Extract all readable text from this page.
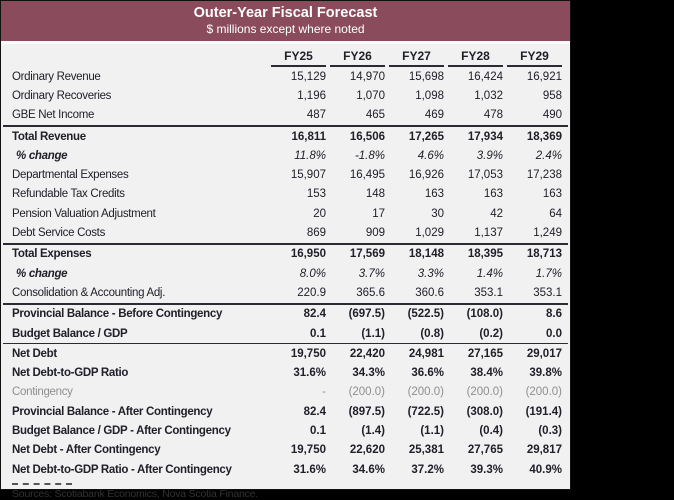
Outer-Year Fiscal Forecast
$ millions except where noted
FY25	FY26	FY27	FY28	FY29
Ordinary Revenue	15,129	14,970	15,698	16,424	16,921
Ordinary Recoveries	1,196	1,070	1,098	1,032	958
GBE Net Income	487	465	469	478	490
Total Revenue	16,811	16,506	17,265	17,934	18,369
% change	11.8%	-1.8%	4.6%	3.9%	2.4%
Departmental Expenses	15,907	16,495	16,926	17,053	17,238
Refundable Tax Credits	153	148	163	163	163
Pension Valuation Adjustment	20	17	30	42	64
Debt Service Costs	869	909	1,029	1,137	1,249
Total Expenses	16,950	17,569	18,148	18,395	18,713
% change	8.0%	3.7%	3.3%	1.4%	1.7%
Consolidation & Accounting Adj.	220.9	365.6	360.6	353.1	353.1
Provincial Balance - Before Contingency	82.4	(697.5)	(522.5)	(108.0)	8.6
Budget Balance / GDP	0.1	(1.1)	(0.8)	(0.2)	0.0
Net Debt	19,750	22,420	24,981	27,165	29,017
Net Debt-to-GDP Ratio	31.6%	34.3%	36.6%	38.4%	39.8%
Contingency	-	(200.0)	(200.0)	(200.0)	(200.0)
Provincial Balance - After Contingency	82.4	(897.5)	(722.5)	(308.0)	(191.4)
Budget Balance / GDP - After Contingency	0.1	(1.4)	(1.1)	(0.4)	(0.3)
Net Debt - After Contingency	19,750	22,620	25,381	27,765	29,817
Net Debt-to-GDP Ratio - After Contingency	31.6%	34.6%	37.2%	39.3%	40.9%
Sources: Scotiabank Economics, Nova Scotia Finance.
